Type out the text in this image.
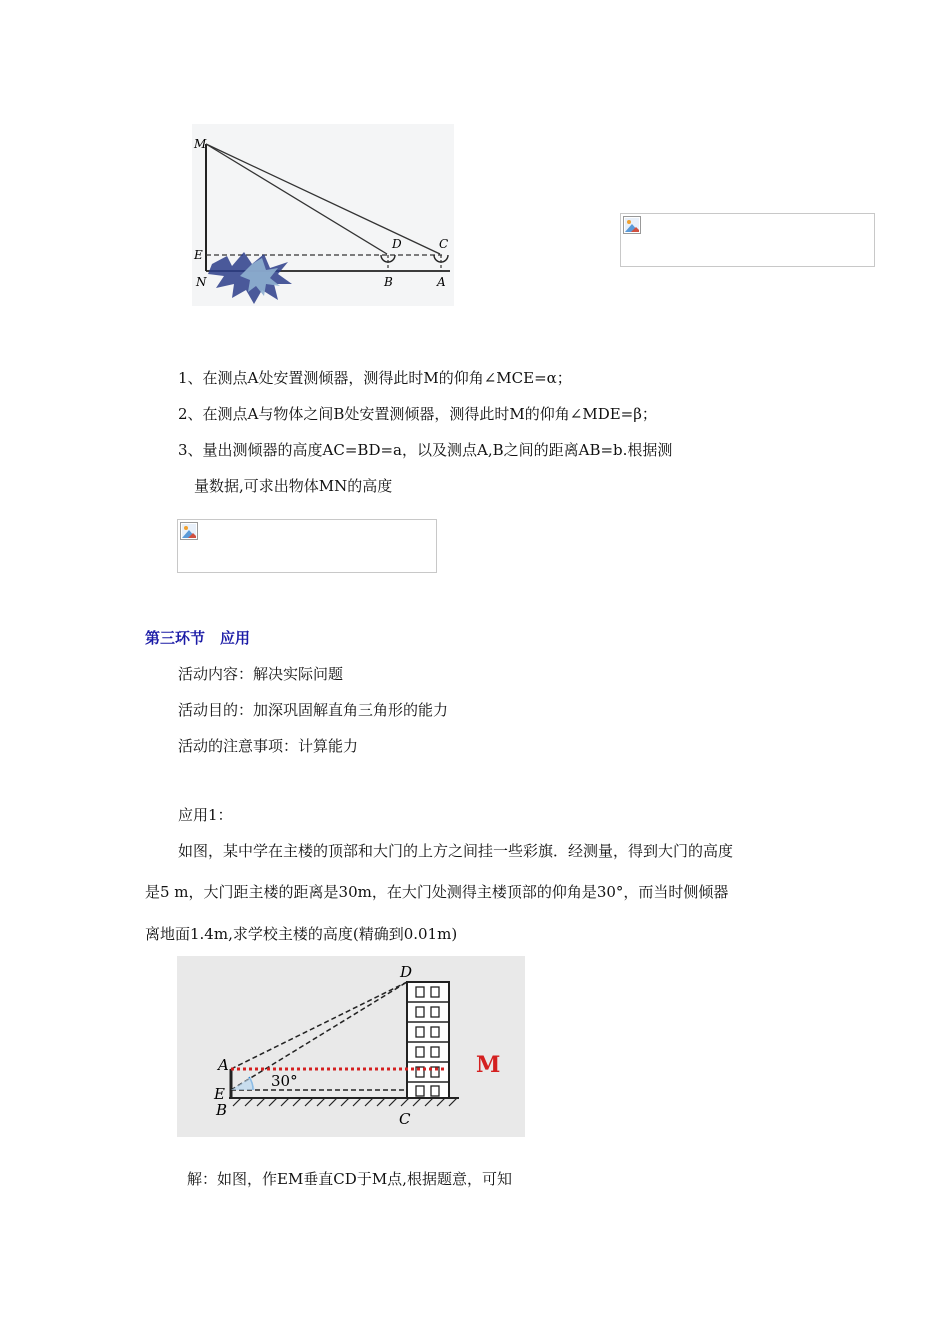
M
E
N
D	C
B	A
1、在测点A处安置测倾器，测得此时M的仰角∠MCE=α；
2、在测点A与物体之间B处安置测倾器，测得此时M的仰角∠MDE=β；
3、量出测倾器的高度AC=BD=a，以及测点A,B之间的距离AB=b.根据测
量数据,可求出物体MN的高度
第三环节　应用
活动内容：解决实际问题
活动目的：加深巩固解直角三角形的能力
活动的注意事项：计算能力
应用1：
如图，某中学在主楼的顶部和大门的上方之间挂一些彩旗．经测量，得到大门的高度
是5 m，大门距主楼的距离是30m，在大门处测得主楼顶部的仰角是30°，而当时侧倾器
离地面1.4m,求学校主楼的高度(精确到0.01m)
D
A
E
B	C
30°
M
解：如图，作EM垂直CD于M点,根据题意，可知
